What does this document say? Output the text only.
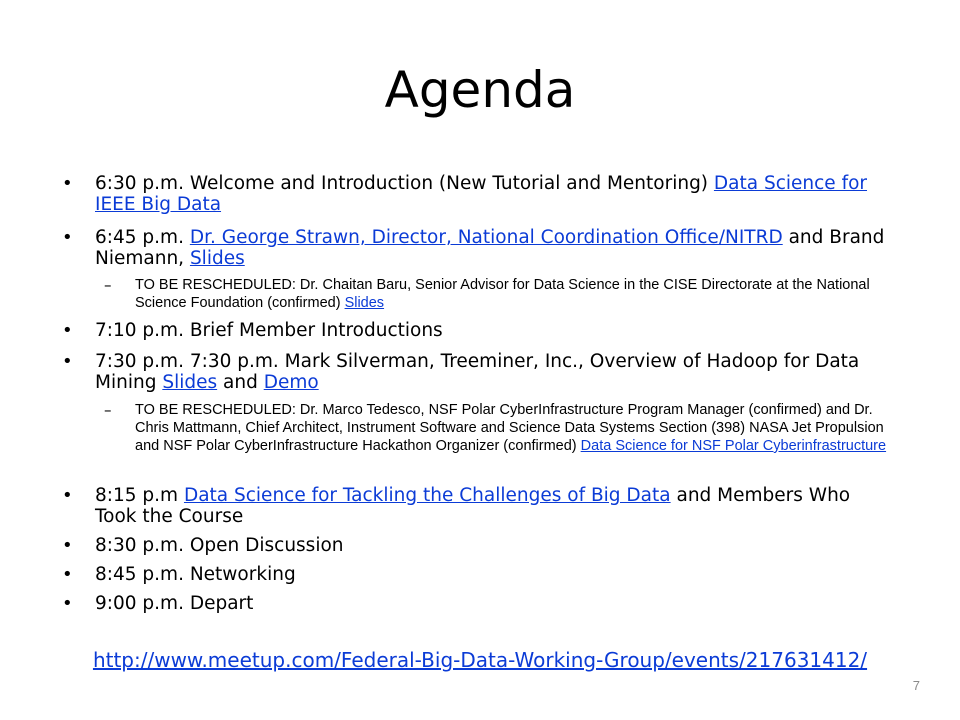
Agenda
• 6:30 p.m. Welcome and Introduction (New Tutorial and Mentoring) Data Science for IEEE Big Data
• 6:45 p.m. Dr. George Strawn, Director, National Coordination Office/NITRD and Brand Niemann, Slides
– TO BE RESCHEDULED: Dr. Chaitan Baru, Senior Advisor for Data Science in the CISE Directorate at the National Science Foundation (confirmed) Slides
• 7:10 p.m. Brief Member Introductions
• 7:30 p.m. 7:30 p.m. Mark Silverman, Treeminer, Inc., Overview of Hadoop for Data Mining Slides and Demo
– TO BE RESCHEDULED: Dr. Marco Tedesco, NSF Polar CyberInfrastructure Program Manager (confirmed) and Dr. Chris Mattmann, Chief Architect, Instrument Software and Science Data Systems Section (398) NASA Jet Propulsion and NSF Polar CyberInfrastructure Hackathon Organizer (confirmed) Data Science for NSF Polar Cyberinfrastructure
• 8:15 p.m Data Science for Tackling the Challenges of Big Data and Members Who Took the Course
• 8:30 p.m. Open Discussion
• 8:45 p.m. Networking
• 9:00 p.m. Depart
http://www.meetup.com/Federal-Big-Data-Working-Group/events/217631412/
7
